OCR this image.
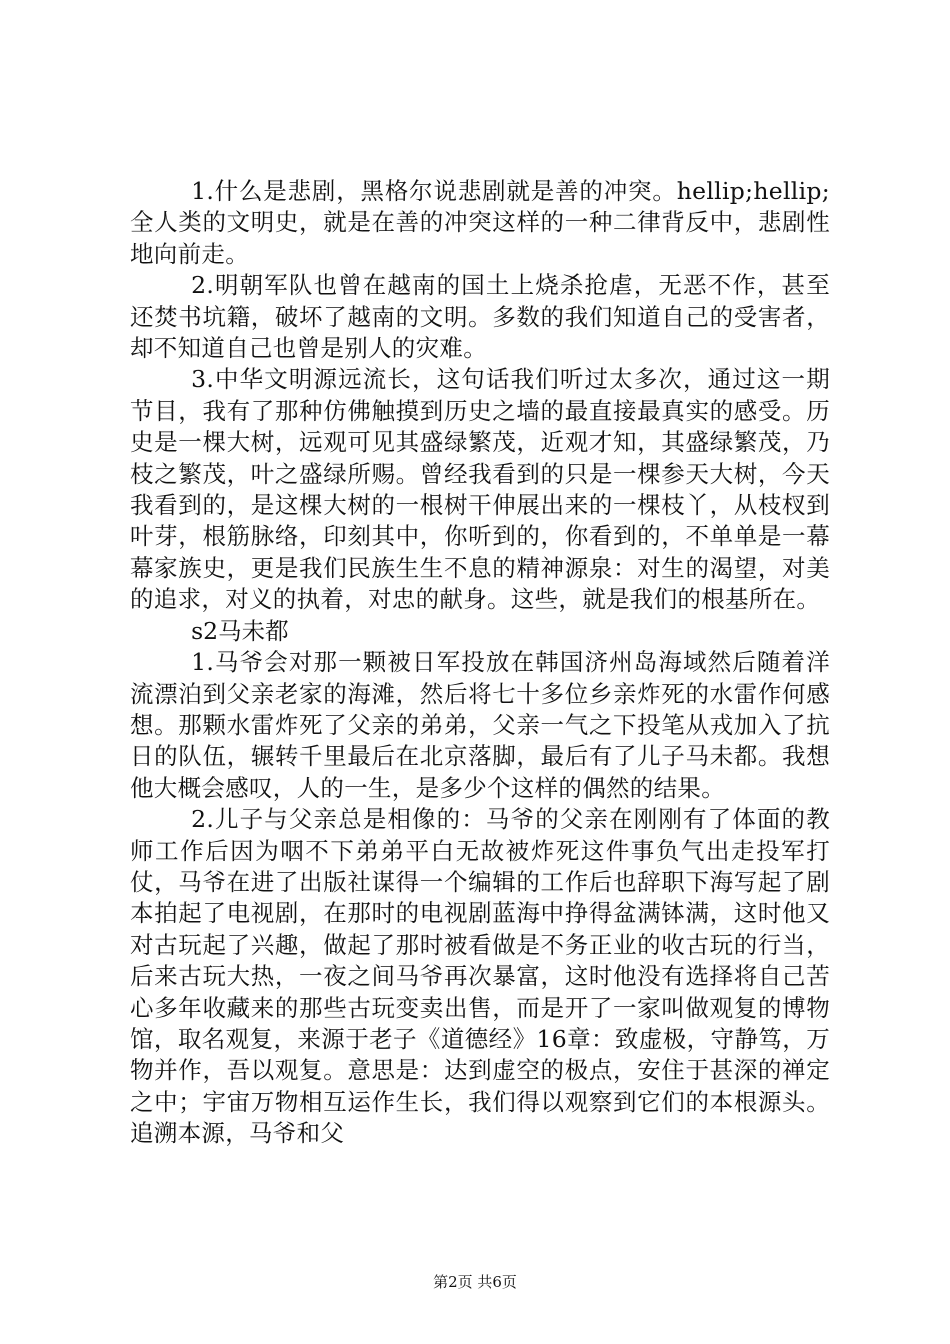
1.什么是悲剧，黑格尔说悲剧就是善的冲突。hellip;hellip;全人类的文明史，就是在善的冲突这样的一种二律背反中，悲剧性地向前走。

2.明朝军队也曾在越南的国土上烧杀抢虐，无恶不作，甚至还焚书坑籍，破坏了越南的文明。多数的我们知道自己的受害者，却不知道自己也曾是别人的灾难。

3.中华文明源远流长，这句话我们听过太多次，通过这一期节目，我有了那种仿佛触摸到历史之墙的最直接最真实的感受。历史是一棵大树，远观可见其盛绿繁茂，近观才知，其盛绿繁茂，乃枝之繁茂，叶之盛绿所赐。曾经我看到的只是一棵参天大树，今天我看到的，是这棵大树的一根树干伸展出来的一棵枝丫，从枝杈到叶芽，根筋脉络，印刻其中，你听到的，你看到的，不单单是一幕幕家族史，更是我们民族生生不息的精神源泉：对生的渴望，对美的追求，对义的执着，对忠的献身。这些，就是我们的根基所在。

s2马未都

1.马爷会对那一颗被日军投放在韩国济州岛海域然后随着洋流漂泊到父亲老家的海滩，然后将七十多位乡亲炸死的水雷作何感想。那颗水雷炸死了父亲的弟弟，父亲一气之下投笔从戎加入了抗日的队伍，辗转千里最后在北京落脚，最后有了儿子马未都。我想他大概会感叹，人的一生，是多少个这样的偶然的结果。

2.儿子与父亲总是相像的：马爷的父亲在刚刚有了体面的教师工作后因为咽不下弟弟平白无故被炸死这件事负气出走投军打仗，马爷在进了出版社谋得一个编辑的工作后也辞职下海写起了剧本拍起了电视剧，在那时的电视剧蓝海中挣得盆满钵满，这时他又对古玩起了兴趣，做起了那时被看做是不务正业的收古玩的行当，后来古玩大热，一夜之间马爷再次暴富，这时他没有选择将自己苦心多年收藏来的那些古玩变卖出售，而是开了一家叫做观复的博物馆，取名观复，来源于老子《道德经》16章：致虚极，守静笃，万物并作，吾以观复。意思是：达到虚空的极点，安住于甚深的禅定之中；宇宙万物相互运作生长，我们得以观察到它们的本根源头。追溯本源，马爷和父

第2页 共6页
